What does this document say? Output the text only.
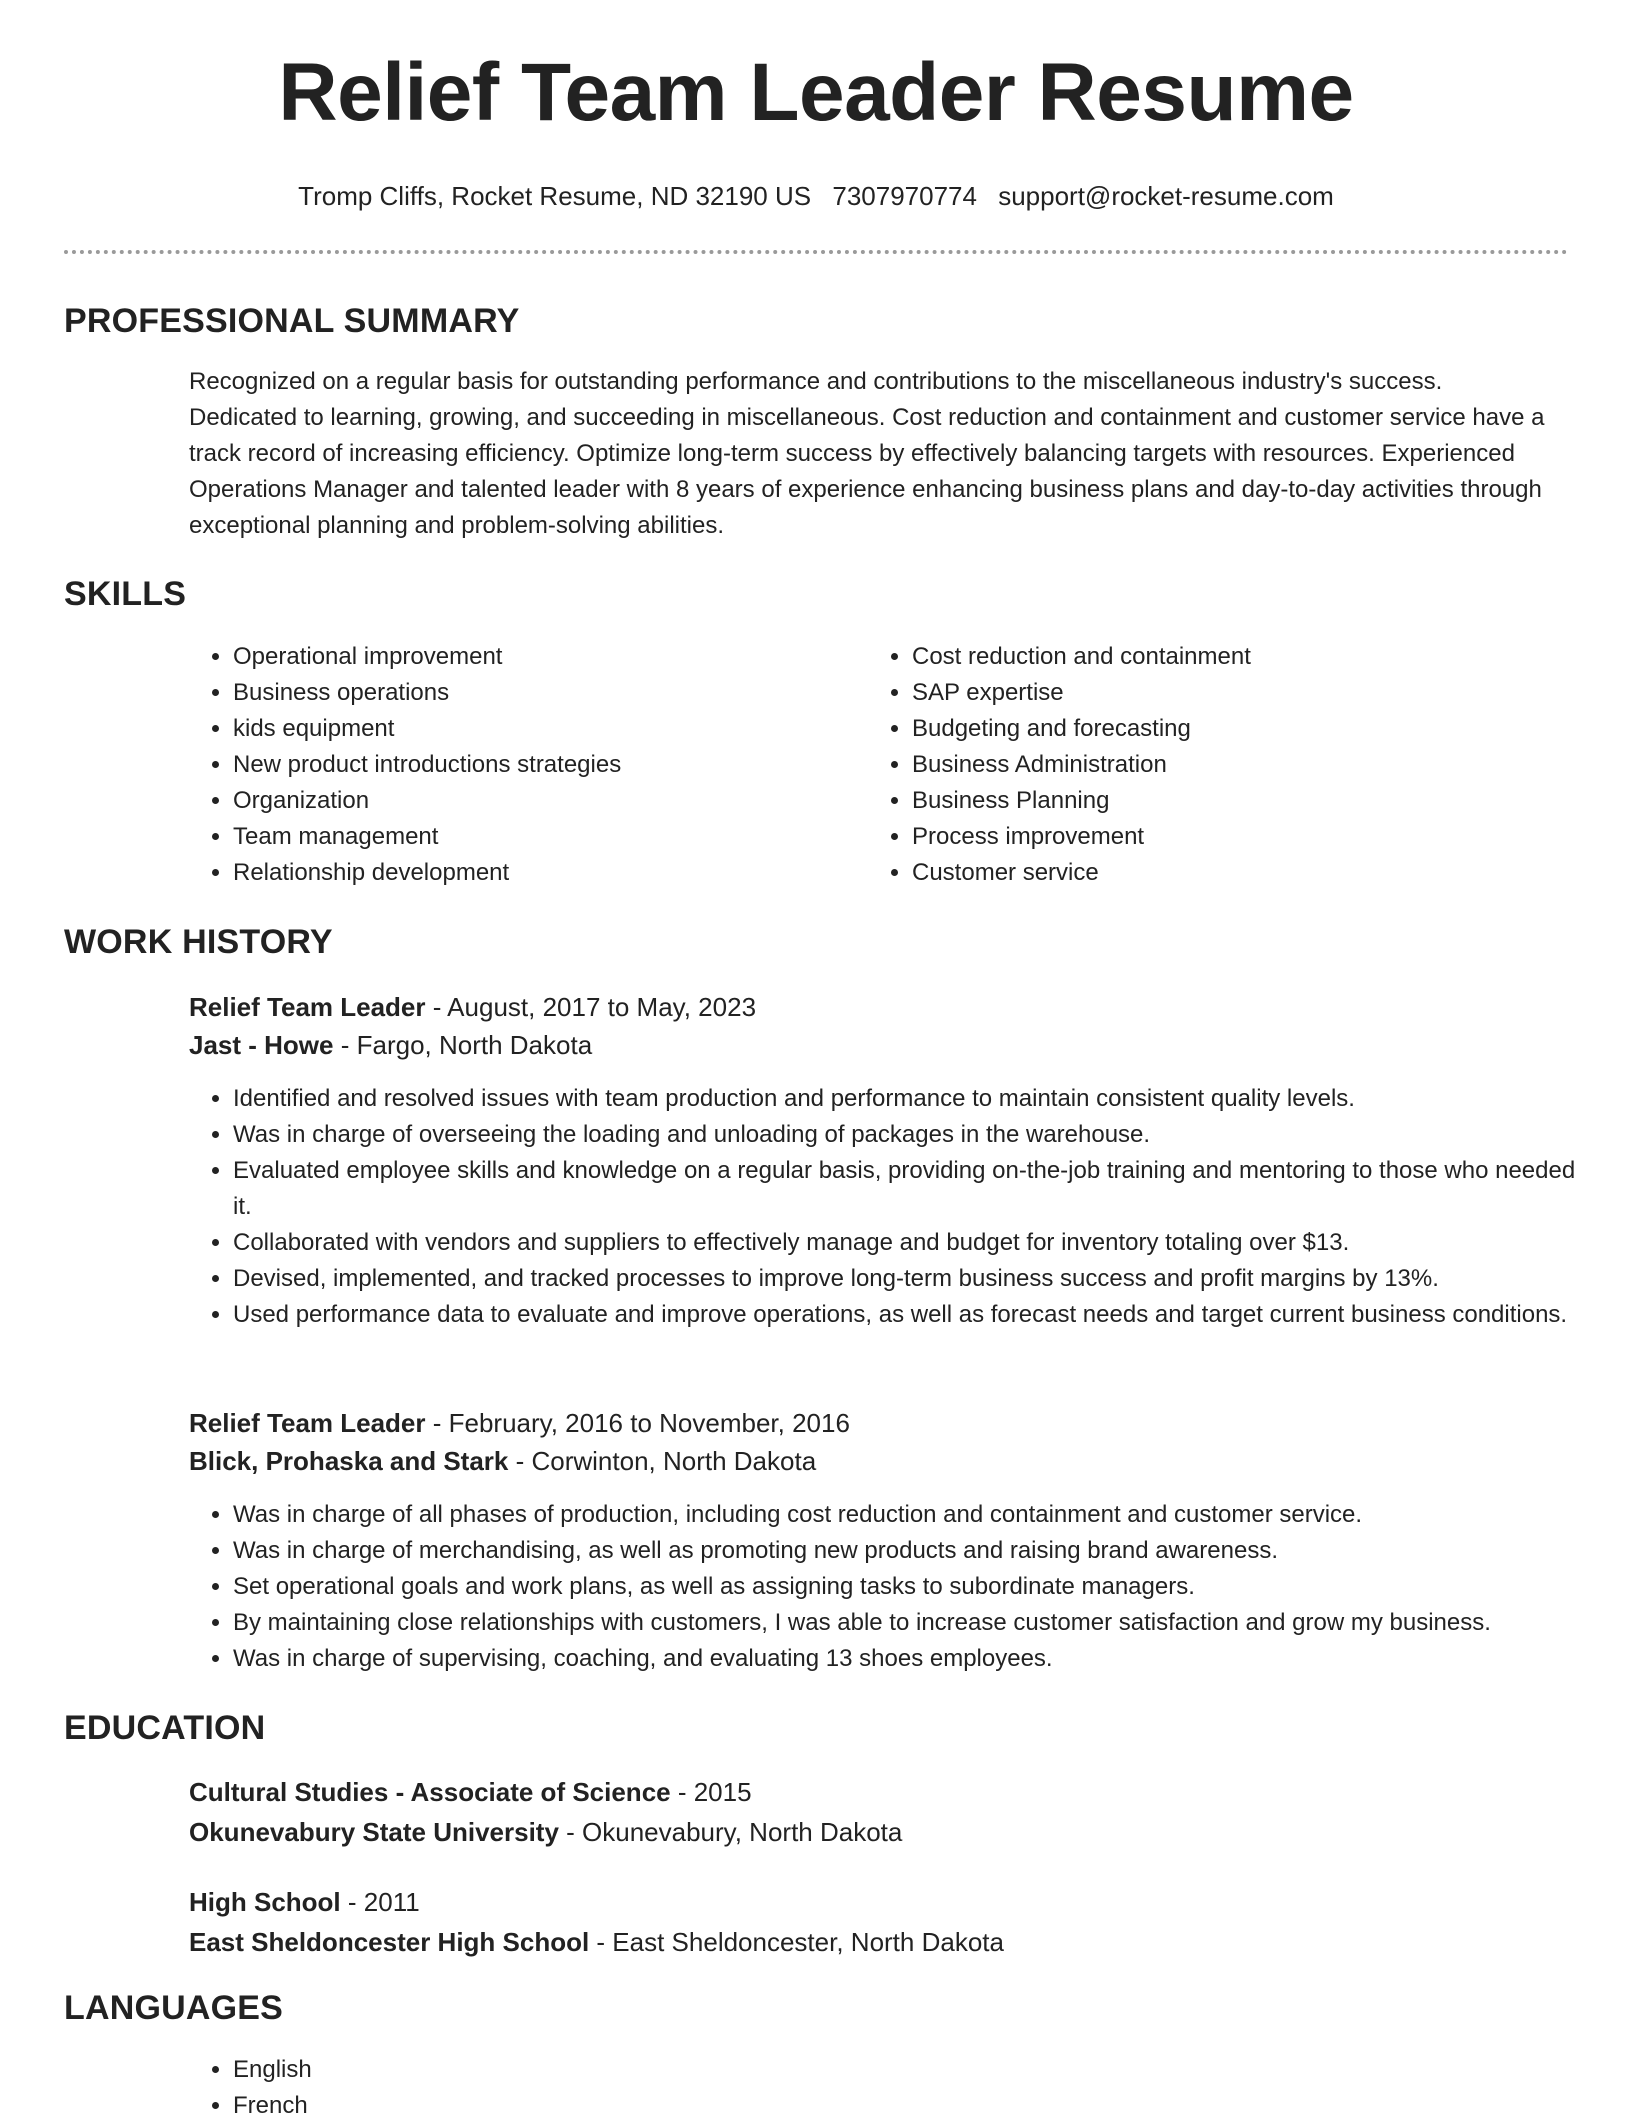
Relief Team Leader Resume
Tromp Cliffs, Rocket Resume, ND 32190 US 7307970774 support@rocket-resume.com
PROFESSIONAL SUMMARY

Recognized on a regular basis for outstanding performance and contributions to the miscellaneous industry's success. Dedicated to learning, growing, and succeeding in miscellaneous. Cost reduction and containment and customer service have a track record of increasing efficiency. Optimize long-term success by effectively balancing targets with resources. Experienced Operations Manager and talented leader with 8 years of experience enhancing business plans and day-to-day activities through exceptional planning and problem-solving abilities.

SKILLS
• Operational improvement
• Business operations
• kids equipment
• New product introductions strategies
• Organization
• Team management
• Relationship development
• Cost reduction and containment
• SAP expertise
• Budgeting and forecasting
• Business Administration
• Business Planning
• Process improvement
• Customer service
WORK HISTORY
Relief Team Leader - August, 2017 to May, 2023
Jast - Howe - Fargo, North Dakota
• Identified and resolved issues with team production and performance to maintain consistent quality levels.
• Was in charge of overseeing the loading and unloading of packages in the warehouse.
• Evaluated employee skills and knowledge on a regular basis, providing on-the-job training and mentoring to those who needed it.
• Collaborated with vendors and suppliers to effectively manage and budget for inventory totaling over $13.
• Devised, implemented, and tracked processes to improve long-term business success and profit margins by 13%.
• Used performance data to evaluate and improve operations, as well as forecast needs and target current business conditions.
Relief Team Leader - February, 2016 to November, 2016
Blick, Prohaska and Stark - Corwinton, North Dakota
• Was in charge of all phases of production, including cost reduction and containment and customer service.
• Was in charge of merchandising, as well as promoting new products and raising brand awareness.
• Set operational goals and work plans, as well as assigning tasks to subordinate managers.
• By maintaining close relationships with customers, I was able to increase customer satisfaction and grow my business.
• Was in charge of supervising, coaching, and evaluating 13 shoes employees.
EDUCATION
Cultural Studies - Associate of Science - 2015
Okunevabury State University - Okunevabury, North Dakota
High School - 2011
East Sheldoncester High School - East Sheldoncester, North Dakota
LANGUAGES
• English
• French
